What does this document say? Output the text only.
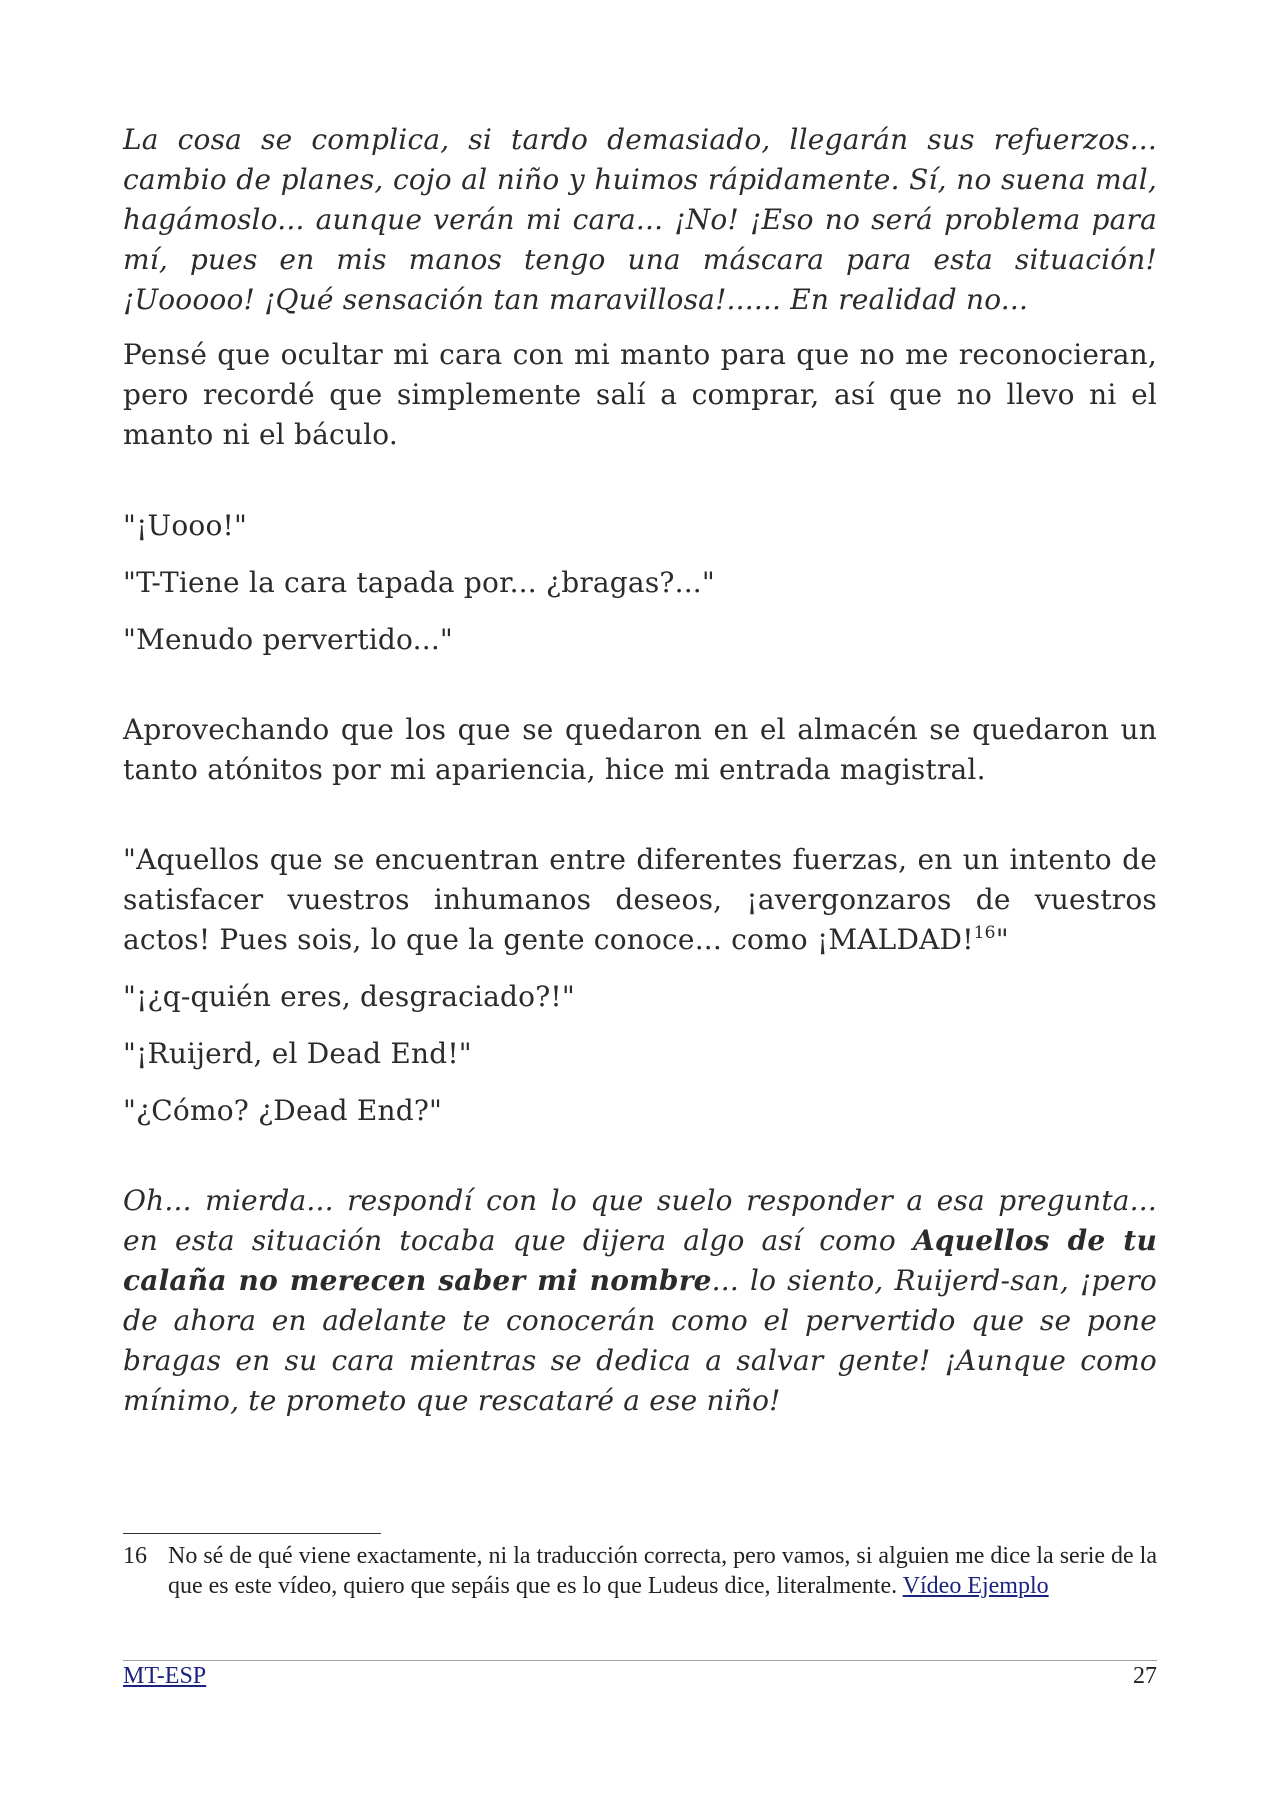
La cosa se complica, si tardo demasiado, llegarán sus refuerzos... cambio de planes, cojo al niño y huimos rápidamente. Sí, no suena mal, hagámoslo... aunque verán mi cara... ¡No! ¡Eso no será problema para mí, pues en mis manos tengo una máscara para esta situación! ¡Uooooo! ¡Qué sensación tan maravillosa!...... En realidad no...

Pensé que ocultar mi cara con mi manto para que no me reconocieran, pero recordé que simplemente salí a comprar, así que no llevo ni el manto ni el báculo.

"¡Uooo!"

"T-Tiene la cara tapada por... ¿bragas?..."

"Menudo pervertido..."

Aprovechando que los que se quedaron en el almacén se quedaron un tanto atónitos por mi apariencia, hice mi entrada magistral.

"Aquellos que se encuentran entre diferentes fuerzas, en un intento de satisfacer vuestros inhumanos deseos, ¡avergonzaros de vuestros actos! Pues sois, lo que la gente conoce... como ¡MALDAD!$^{16}$"

"¡¿q-quién eres, desgraciado?!"

"¡Ruijerd, el Dead End!"

"¿Cómo? ¿Dead End?"

Oh... mierda... respondí con lo que suelo responder a esa pregunta... en esta situación tocaba que dijera algo así como Aquellos de tu calaña no merecen saber mi nombre... lo siento, Ruijerd-san, ¡pero de ahora en adelante te conocerán como el pervertido que se pone bragas en su cara mientras se dedica a salvar gente! ¡Aunque como mínimo, te prometo que rescataré a ese niño!

16 No sé de qué viene exactamente, ni la traducción correcta, pero vamos, si alguien me dice la serie de la que es este vídeo, quiero que sepáis que es lo que Ludeus dice, literalmente. Vídeo Ejemplo
MT-ESP	27
